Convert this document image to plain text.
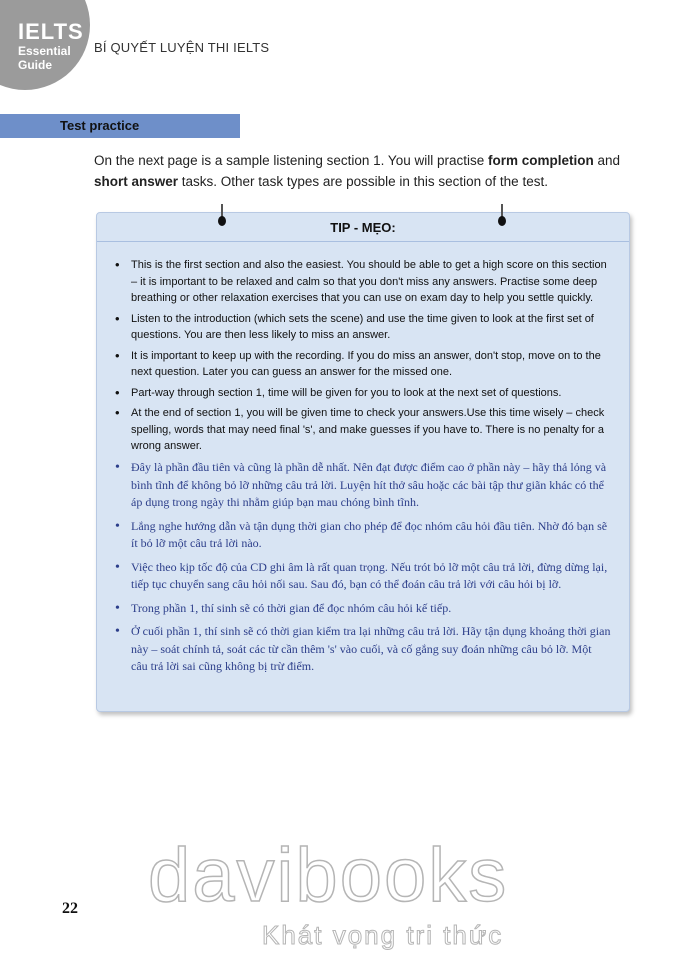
IELTS
Essential
Guide
BÍ QUYẾT LUYỆN THI IELTS
Test practice

On the next page is a sample listening section 1. You will practise form completion and short answer tasks. Other task types are possible in this section of the test.

TIP - MẸO:
• This is the first section and also the easiest. You should be able to get a high score on this section – it is important to be relaxed and calm so that you don't miss any answers. Practise some deep breathing or other relaxation exercises that you can use on exam day to help you settle quickly.
• Listen to the introduction (which sets the scene) and use the time given to look at the first set of questions. You are then less likely to miss an answer.
• It is important to keep up with the recording. If you do miss an answer, don't stop, move on to the next question. Later you can guess an answer for the missed one.
• Part-way through section 1, time will be given for you to look at the next set of questions.
• At the end of section 1, you will be given time to check your answers.Use this time wisely – check spelling, words that may need final 's', and make guesses if you have to. There is no penalty for a wrong answer.
• Đây là phần đầu tiên và cũng là phần dễ nhất. Nên đạt được điểm cao ở phần này – hãy thả lỏng và bình tĩnh để không bỏ lỡ những câu trả lời. Luyện hít thở sâu hoặc các bài tập thư giãn khác có thể áp dụng trong ngày thi nhằm giúp bạn mau chóng bình tĩnh.
• Lắng nghe hướng dẫn và tận dụng thời gian cho phép để đọc nhóm câu hỏi đầu tiên. Nhờ đó bạn sẽ ít bỏ lỡ một câu trả lời nào.
• Việc theo kịp tốc độ của CD ghi âm là rất quan trọng. Nếu trót bỏ lỡ một câu trả lời, đừng dừng lại, tiếp tục chuyển sang câu hỏi nối sau. Sau đó, bạn có thể đoán câu trả lời với câu hỏi bị lỡ.
• Trong phần 1, thí sinh sẽ có thời gian để đọc nhóm câu hỏi kế tiếp.
• Ở cuối phần 1, thí sinh sẽ có thời gian kiểm tra lại những câu trả lời. Hãy tận dụng khoảng thời gian này – soát chính tả, soát các từ cần thêm 's' vào cuối, và cố gắng suy đoán những câu bỏ lỡ. Một câu trả lời sai cũng không bị trừ điểm.
davibooks
Khát vọng tri thức
22
